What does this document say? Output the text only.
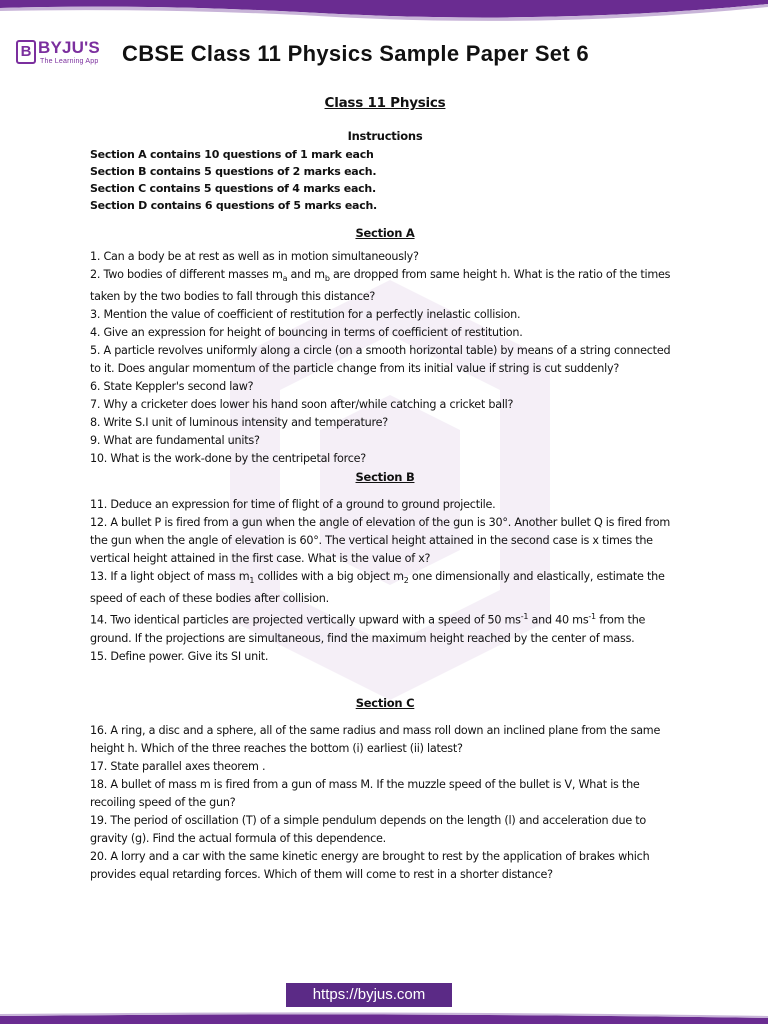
B BYJU'S
The Learning App CBSE Class 11 Physics Sample Paper Set 6
Class 11 Physics
Instructions
Section A contains 10 questions of 1 mark each
Section B contains 5 questions of 2 marks each.
Section C contains 5 questions of 4 marks each.
Section D contains 6 questions of 5 marks each.
Section A

1. Can a body be at rest as well as in motion simultaneously?

2. Two bodies of different masses $m_a$ and $m_b$ are dropped from same height h. What is the ratio of the times taken by the two bodies to fall through this distance?

3. Mention the value of coefficient of restitution for a perfectly inelastic collision.

4. Give an expression for height of bouncing in terms of coefficient of restitution.

5. A particle revolves uniformly along a circle (on a smooth horizontal table) by means of a string connected to it. Does angular momentum of the particle change from its initial value if string is cut suddenly?

6. State Keppler's second law?

7. Why a cricketer does lower his hand soon after/while catching a cricket ball?

8. Write S.I unit of luminous intensity and temperature?

9. What are fundamental units?

10. What is the work-done by the centripetal force?

Section B

11. Deduce an expression for time of flight of a ground to ground projectile.

12. A bullet P is fired from a gun when the angle of elevation of the gun is 30°. Another bullet Q is fired from the gun when the angle of elevation is 60°. The vertical height attained in the second case is x times the vertical height attained in the first case. What is the value of x?

13. If a light object of mass $m_1$ collides with a big object $m_2$ one dimensionally and elastically, estimate the speed of each of these bodies after collision.

14. Two identical particles are projected vertically upward with a speed of 50 $ms^{-1}$ and 40 $ms^{-1}$ from the ground. If the projections are simultaneous, find the maximum height reached by the center of mass.

15. Define power. Give its SI unit.

Section C

16. A ring, a disc and a sphere, all of the same radius and mass roll down an inclined plane from the same height h. Which of the three reaches the bottom (i) earliest (ii) latest?

17. State parallel axes theorem .

18. A bullet of mass m is fired from a gun of mass M. If the muzzle speed of the bullet is V, What is the recoiling speed of the gun?

19. The period of oscillation (T) of a simple pendulum depends on the length (l) and acceleration due to gravity (g). Find the actual formula of this dependence.

20. A lorry and a car with the same kinetic energy are brought to rest by the application of brakes which provides equal retarding forces. Which of them will come to rest in a shorter distance?

https://byjus.com
